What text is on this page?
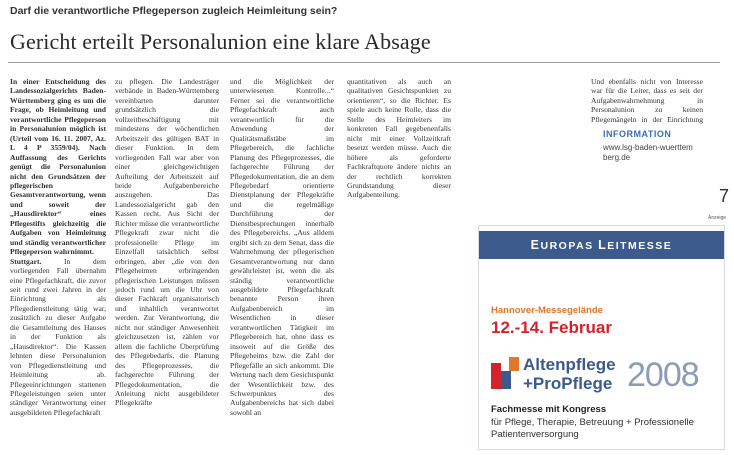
Darf die verantwortliche Pflegeperson zugleich Heimleitung sein?
Gericht erteilt Personalunion eine klare Absage

In einer Entscheidung des Landessozialgerichts Baden-Württemberg ging es um die Frage, ob Heimleitung und verantwortliche Pflegeperson in Personalunion möglich ist (Urteil vom 16. 11. 2007, Az. L 4 P 3559/04). Nach Auffassung des Gerichts genügt die Personalunion nicht den Grundsätzen der pflegerischen Gesamtverantwortung, wenn und soweit der „Hausdirektor“ eines Pflegestifts gleichzeitig die Aufgaben von Heimleitung und ständig verantwortlicher Pflegeperson wahrnimmt.

Stuttgart.	In dem vorliegenden Fall übernahm eine Pflegefachkraft, die zuvor seit rund zwei Jahren in der Einrichtung als Pflegedienstleitung tätig war, zusätzlich zu dieser Aufgabe die Gesamtleitung des Hauses in der Funktion als „Hausdirektor“. Die Kassen lehnten diese Personalunion von Pflegedienstleitung und Heimleitung ab. Pflegeeinrichtungen stattenen Pflegeleistungen seien unter ständiger Verantwortung einer ausgebildeten Pflegefachkraft

zu pflegen. Die Landesträger verbände in Baden-Württemberg vereinbarten darunter grundsätzlich die vollzeitbeschäftigung mit mindestens der wöchentlichen Arbeitszeit des gültigen BAT in dieser Funktion. In dem vorliegenden Fall war aber von einer gleichgewichtigen Aufteilung der Arbeitszeit auf beide Aufgabenbereiche auszugehen. Das Landessozialgericht gab den Kassen recht. Aus Sicht der Richter müsse die verantwortliche Pflegekraft zwar nicht die professionelle Pflege im Einzelfall tatsächlich selbst erbringen, aber „die von den Pflegeheimen erbringenden pflegerischen Leistungen müssen jedoch rund um die Uhr von dieser Fachkraft organisatorisch und inhaltlich verantwortet werden. Zur Verantwortung, die nicht nur ständiger Anwesenheit gleichzusetzen ist, zählen vor allem die fachliche Überprüfung des Pflegebedarfs, die Planung des Pflegeprozesses, die fachgerechte Führung der Pflegedokumentation, die Anleitung nicht ausgebildeter Pflegekräfte

und die Möglichkeit der unterwiesenen Kontrolle...“ Ferner sei die verantwortliche Pflegefachkraft auch verantwortlich für die Anwendung der Qualitätsmaßstäbe im Pflegebereich, die fachliche Planung des Pflegeprozesses, die fachgerechte Führung der Pflegedokumentation, die an dem Pflegebedarf orientierte Dienstplanung der Pflegekräfte und die regelmäßige Durchführung der Dienstbesprechungen innerhalb des Pflegebereichs. „Aus alldem ergibt sich zu dem Senat, dass die Wahrnehmung der pflegerischen Gesamtverantwortung nur dann gewährleistet ist, wenn die als ständig verantwortliche ausgebildete Pflegefachkraft benannte Person ihren Aufgabenbereich im Wesentlichen in dieser verantwortlichen Tätigkeit im Pflegebereich hat, ohne dass es insoweit auf die Größe des Pflegeheims bzw. die Zahl der Pflegefälle an sich ankommt. Die Wertung nach dem Gesichtspunkt der Wesentlichkeit bzw. des Schwerpunktes des Aufgabenbereichs hat sich dabei sowohl an

quantitativen als auch an qualitativen Gesichtspunkten zu orientieren“, so die Richter. Es spiele auch keine Rolle, dass die Stelle des Heimleiters im konkreten Fall gegebenenfalls nicht mit einer Vollzeitkraft besetzt werden müsse. Auch die höhere als geforderte Fachkraftquote ändere nichts an der rechtlich korrekten Grundstandung dieser Aufgabenteilung.

Und ebenfalls nicht von Interesse war für die Leiter, dass es seit der Aufgabenwahrnehmung in Personalunion zu keinen Pflegemängeln in der Einrichtung

INFORMATION
www.lsg-baden-wuerttem
berg.de
7
Anzeige
EUROPAS LEITMESSE
Hannover-Messegelände
12.-14. Februar
Altenpflege
+ProPflege 2008
Fachmesse mit Kongress
für Pflege, Therapie, Betreuung + Professionelle
Patientenversorgung
